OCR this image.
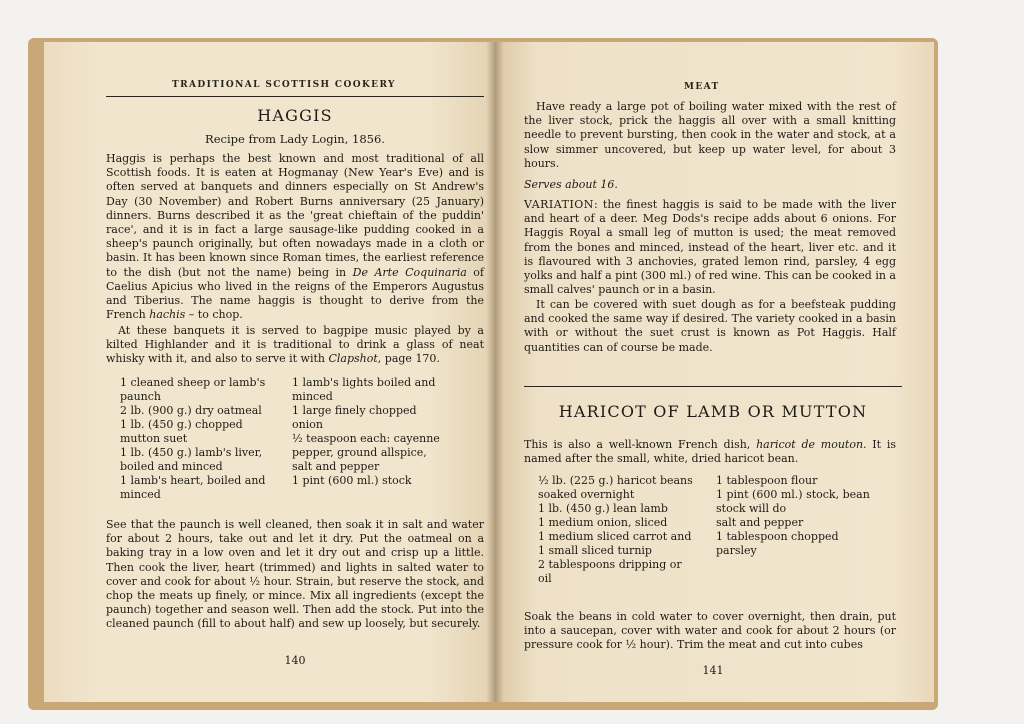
TRADITIONAL SCOTTISH COOKERY
HAGGIS
Recipe from Lady Login, 1856.

Haggis is perhaps the best known and most traditional of all Scottish foods. It is eaten at Hogmanay (New Year's Eve) and is often served at banquets and dinners especially on St Andrew's Day (30 November) and Robert Burns anniversary (25 January) dinners. Burns described it as the 'great chieftain of the puddin' race', and it is in fact a large sausage-like pudding cooked in a sheep's paunch originally, but often nowadays made in a cloth or basin. It has been known since Roman times, the earliest reference to the dish (but not the name) being in De Arte Coquinaria of Caelius Apicius who lived in the reigns of the Emperors Augustus and Tiberius. The name haggis is thought to derive from the French hachis – to chop.

At these banquets it is served to bagpipe music played by a kilted Highlander and it is traditional to drink a glass of neat whisky with it, and also to serve it with Clapshot, page 170.

1 cleaned sheep or lamb's paunch
2 lb. (900 g.) dry oatmeal
1 lb. (450 g.) chopped mutton suet
1 lb. (450 g.) lamb's liver, boiled and minced
1 lamb's heart, boiled and minced
1 lamb's lights boiled and minced
1 large finely chopped onion
½ teaspoon each: cayenne pepper, ground allspice, salt and pepper
1 pint (600 ml.) stock

See that the paunch is well cleaned, then soak it in salt and water for about 2 hours, take out and let it dry. Put the oatmeal on a baking tray in a low oven and let it dry out and crisp up a little. Then cook the liver, heart (trimmed) and lights in salted water to cover and cook for about ½ hour. Strain, but reserve the stock, and chop the meats up finely, or mince. Mix all ingredients (except the paunch) together and season well. Then add the stock. Put into the cleaned paunch (fill to about half) and sew up loosely, but securely.

140
MEAT

Have ready a large pot of boiling water mixed with the rest of the liver stock, prick the haggis all over with a small knitting needle to prevent bursting, then cook in the water and stock, at a slow simmer uncovered, but keep up water level, for about 3 hours.

Serves about 16.

VARIATION: the finest haggis is said to be made with the liver and heart of a deer. Meg Dods's recipe adds about 6 onions. For Haggis Royal a small leg of mutton is used; the meat removed from the bones and minced, instead of the heart, liver etc. and it is flavoured with 3 anchovies, grated lemon rind, parsley, 4 egg yolks and half a pint (300 ml.) of red wine. This can be cooked in a small calves' paunch or in a basin.

It can be covered with suet dough as for a beefsteak pudding and cooked the same way if desired. The variety cooked in a basin with or without the suet crust is known as Pot Haggis. Half quantities can of course be made.

HARICOT OF LAMB OR MUTTON

This is also a well-known French dish, haricot de mouton. It is named after the small, white, dried haricot bean.

½ lb. (225 g.) haricot beans soaked overnight
1 lb. (450 g.) lean lamb
1 medium onion, sliced
1 medium sliced carrot and 1 small sliced turnip
2 tablespoons dripping or oil
1 tablespoon flour
1 pint (600 ml.) stock, bean stock will do
salt and pepper
1 tablespoon chopped parsley

Soak the beans in cold water to cover overnight, then drain, put into a saucepan, cover with water and cook for about 2 hours (or pressure cook for ½ hour). Trim the meat and cut into cubes

141
